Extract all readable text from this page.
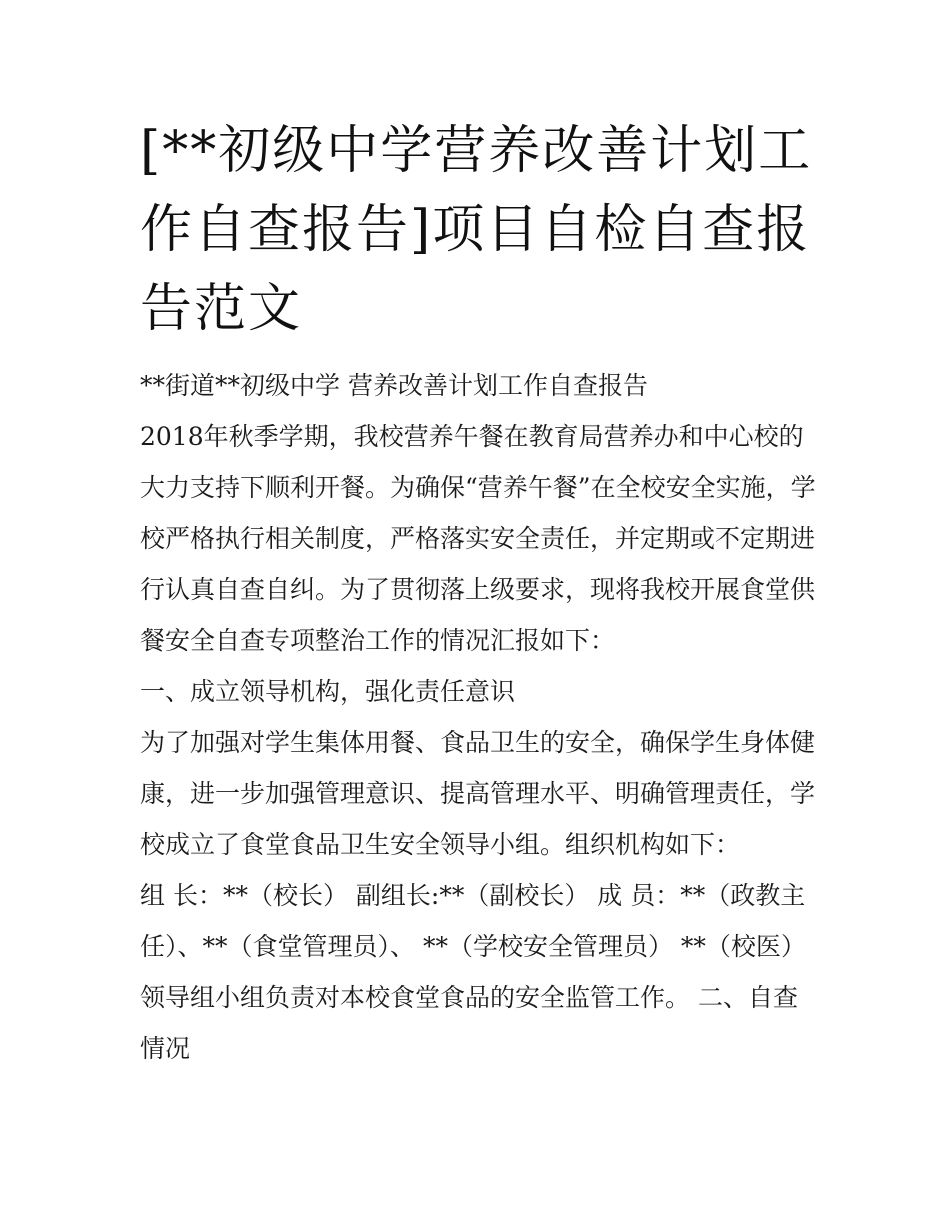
[**初级中学营养改善计划工作自查报告]项目自检自查报告范文

**街道**初级中学 营养改善计划工作自查报告

2018年秋季学期，我校营养午餐在教育局营养办和中心校的大力支持下顺利开餐。为确保“营养午餐”在全校安全实施，学校严格执行相关制度，严格落实安全责任，并定期或不定期进行认真自查自纠。为了贯彻落上级要求，现将我校开展食堂供餐安全自查专项整治工作的情况汇报如下：

一、成立领导机构，强化责任意识

为了加强对学生集体用餐、食品卫生的安全，确保学生身体健康，进一步加强管理意识、提高管理水平、明确管理责任，学校成立了食堂食品卫生安全领导小组。组织机构如下：

组 长：**（校长） 副组长:**（副校长） 成 员：**（政教主任）、**（食堂管理员）、 **（学校安全管理员） **（校医）

领导组小组负责对本校食堂食品的安全监管工作。 二、自查情况
